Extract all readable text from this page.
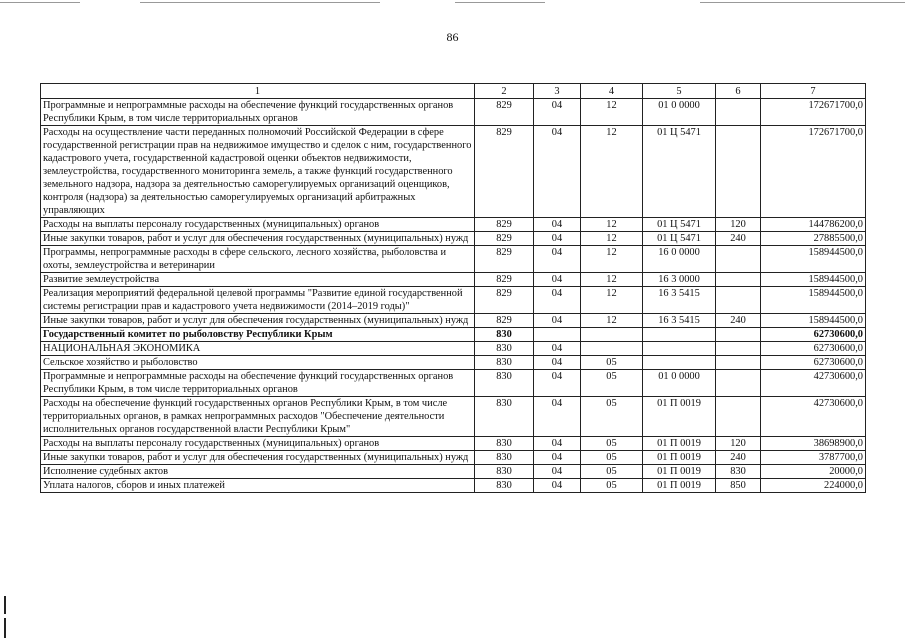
86
1	2	3	4	5	6	7
Программные и непрограммные расходы на обеспечение функций государственных органов Республики Крым, в том числе территориальных органов	829	04	12	01 0 0000		172671700,0
Расходы на осуществление части переданных полномочий Российской Федерации в сфере государственной регистрации прав на недвижимое имущество и сделок с ним, государственного кадастрового учета, государственной кадастровой оценки объектов недвижимости, землеустройства, государственного мониторинга земель, а также функций государственного земельного надзора, надзора за деятельностью саморегулируемых организаций оценщиков, контроля (надзора) за деятельностью саморегулируемых организаций арбитражных управляющих	829	04	12	01 Ц 5471		172671700,0
Расходы на выплаты персоналу государственных (муниципальных) органов	829	04	12	01 Ц 5471	120	144786200,0
Иные закупки товаров, работ и услуг для обеспечения государственных (муниципальных) нужд	829	04	12	01 Ц 5471	240	27885500,0
Программы, непрограммные расходы в сфере сельского, лесного хозяйства, рыболовства и охоты, землеустройства и ветеринарии	829	04	12	16 0 0000		158944500,0
Развитие землеустройства	829	04	12	16 3 0000		158944500,0
Реализация мероприятий федеральной целевой программы "Развитие единой государственной системы регистрации прав и кадастрового учета недвижимости (2014–2019 годы)"	829	04	12	16 3 5415		158944500,0
Иные закупки товаров, работ и услуг для обеспечения государственных (муниципальных) нужд	829	04	12	16 3 5415	240	158944500,0
Государственный комитет по рыболовству Республики Крым	830					62730600,0
НАЦИОНАЛЬНАЯ ЭКОНОМИКА	830	04				62730600,0
Сельское хозяйство и рыболовство	830	04	05			62730600,0
Программные и непрограммные расходы на обеспечение функций государственных органов Республики Крым, в том числе территориальных органов	830	04	05	01 0 0000		42730600,0
Расходы на обеспечение функций государственных органов Республики Крым, в том числе территориальных органов, в рамках непрограммных расходов "Обеспечение деятельности исполнительных органов государственной власти Республики Крым"	830	04	05	01 П 0019		42730600,0
Расходы на выплаты персоналу государственных (муниципальных) органов	830	04	05	01 П 0019	120	38698900,0
Иные закупки товаров, работ и услуг для обеспечения государственных (муниципальных) нужд	830	04	05	01 П 0019	240	3787700,0
Исполнение судебных актов	830	04	05	01 П 0019	830	20000,0
Уплата налогов, сборов и иных платежей	830	04	05	01 П 0019	850	224000,0
